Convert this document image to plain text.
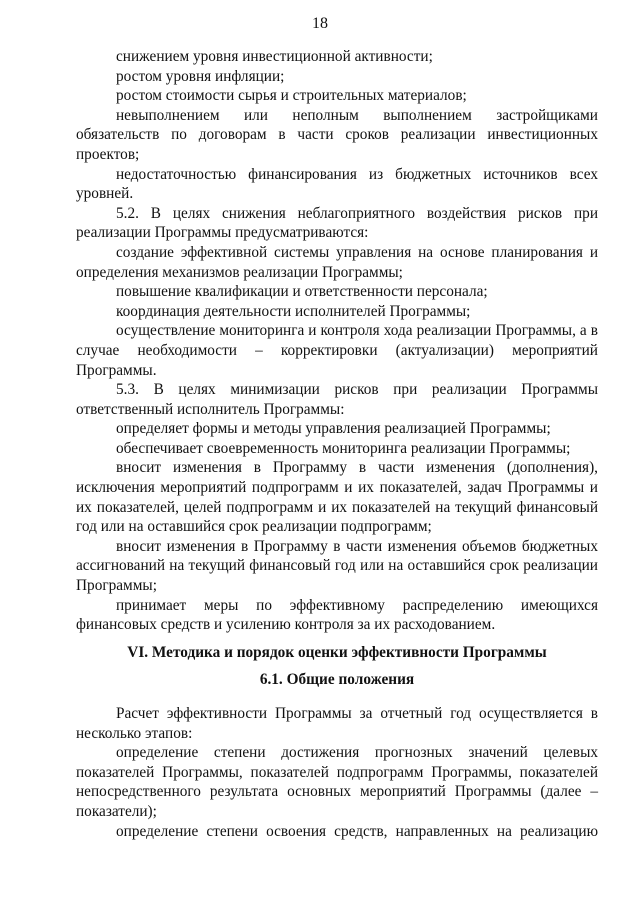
18

снижением уровня инвестиционной активности;

ростом уровня инфляции;

ростом стоимости сырья и строительных материалов;

невыполнением или неполным выполнением застройщиками обязательств по договорам в части сроков реализации инвестиционных проектов;

недостаточностью финансирования из бюджетных источников всех уровней.

5.2. В целях снижения неблагоприятного воздействия рисков при реализации Программы предусматриваются:

создание эффективной системы управления на основе планирования и определения механизмов реализации Программы;

повышение квалификации и ответственности персонала;

координация деятельности исполнителей Программы;

осуществление мониторинга и контроля хода реализации Программы, а в случае необходимости – корректировки (актуализации) мероприятий Программы.

5.3. В целях минимизации рисков при реализации Программы ответственный исполнитель Программы:

определяет формы и методы управления реализацией Программы;

обеспечивает своевременность мониторинга реализации Программы;

вносит изменения в Программу в части изменения (дополнения), исключения мероприятий подпрограмм и их показателей, задач Программы и их показателей, целей подпрограмм и их показателей на текущий финансовый год или на оставшийся срок реализации подпрограмм;

вносит изменения в Программу в части изменения объемов бюджетных ассигнований на текущий финансовый год или на оставшийся срок реализации Программы;

принимает меры по эффективному распределению имеющихся финансовых средств и усилению контроля за их расходованием.

VI. Методика и порядок оценки эффективности Программы

6.1. Общие положения

Расчет эффективности Программы за отчетный год осуществляется в несколько этапов:

определение степени достижения прогнозных значений целевых показателей Программы, показателей подпрограмм Программы, показателей непосредственного результата основных мероприятий Программы (далее – показатели);

определение степени освоения средств, направленных на реализацию
